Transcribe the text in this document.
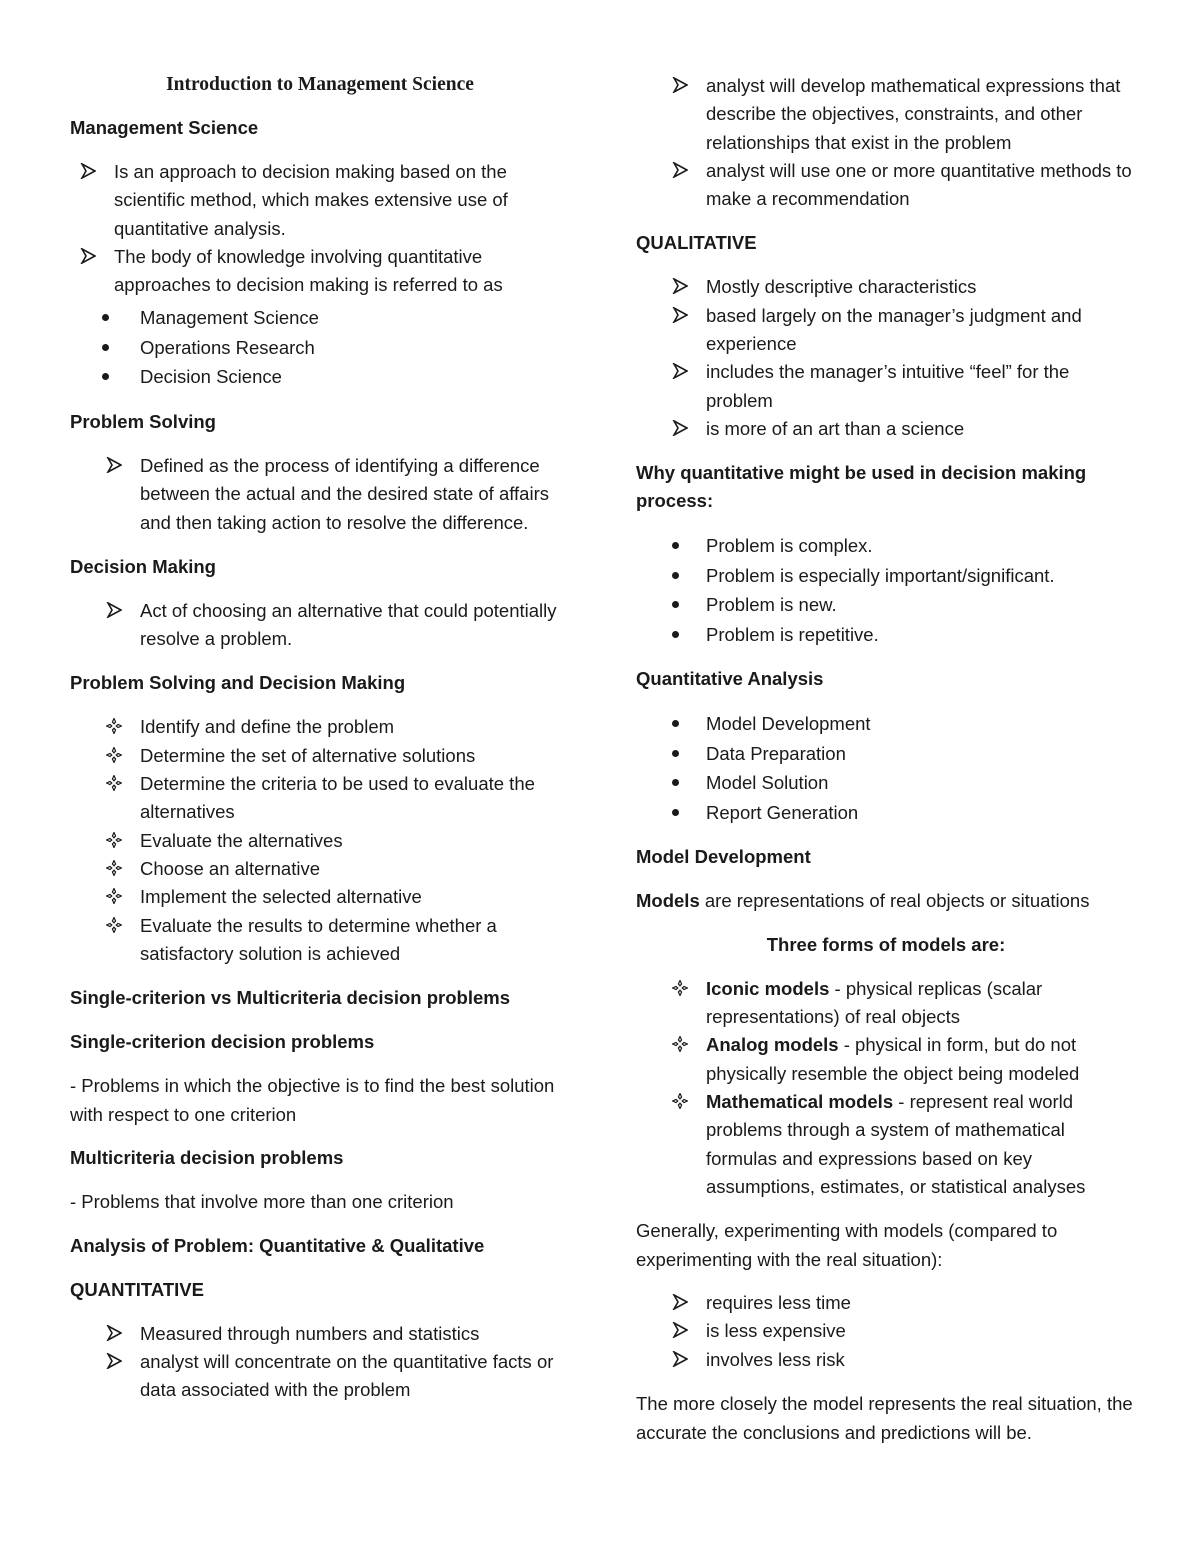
Introduction to Management Science
Management Science
Is an approach to decision making based on the scientific method, which makes extensive use of quantitative analysis.
The body of knowledge involving quantitative approaches to decision making is referred to as
Management Science
Operations Research
Decision Science
Problem Solving
Defined as the process of identifying a difference between the actual and the desired state of affairs and then taking action to resolve the difference.
Decision Making
Act of choosing an alternative that could potentially resolve a problem.
Problem Solving and Decision Making
Identify and define the problem
Determine the set of alternative solutions
Determine the criteria to be used to evaluate the alternatives
Evaluate the alternatives
Choose an alternative
Implement the selected alternative
Evaluate the results to determine whether a satisfactory solution is achieved
Single-criterion vs Multicriteria decision problems
Single-criterion decision problems
- Problems in which the objective is to find the best solution with respect to one criterion
Multicriteria decision problems
- Problems that involve more than one criterion
Analysis of Problem: Quantitative & Qualitative
QUANTITATIVE
Measured through numbers and statistics
analyst will concentrate on the quantitative facts or data associated with the problem
analyst will develop mathematical expressions that describe the objectives, constraints, and other relationships that exist in the problem
analyst will use one or more quantitative methods to make a recommendation
QUALITATIVE
Mostly descriptive characteristics
based largely on the manager’s judgment and experience
includes the manager’s intuitive “feel” for the problem
is more of an art than a science
Why quantitative might be used in decision making process:
Problem is complex.
Problem is especially important/significant.
Problem is new.
Problem is repetitive.
Quantitative Analysis
Model Development
Data Preparation
Model Solution
Report Generation
Model Development
Models are representations of real objects or situations
Three forms of models are:
Iconic models - physical replicas (scalar representations) of real objects
Analog models - physical in form, but do not physically resemble the object being modeled
Mathematical models - represent real world problems through a system of mathematical formulas and expressions based on key assumptions, estimates, or statistical analyses
Generally, experimenting with models (compared to experimenting with the real situation):
requires less time
is less expensive
involves less risk
The more closely the model represents the real situation, the accurate the conclusions and predictions will be.
